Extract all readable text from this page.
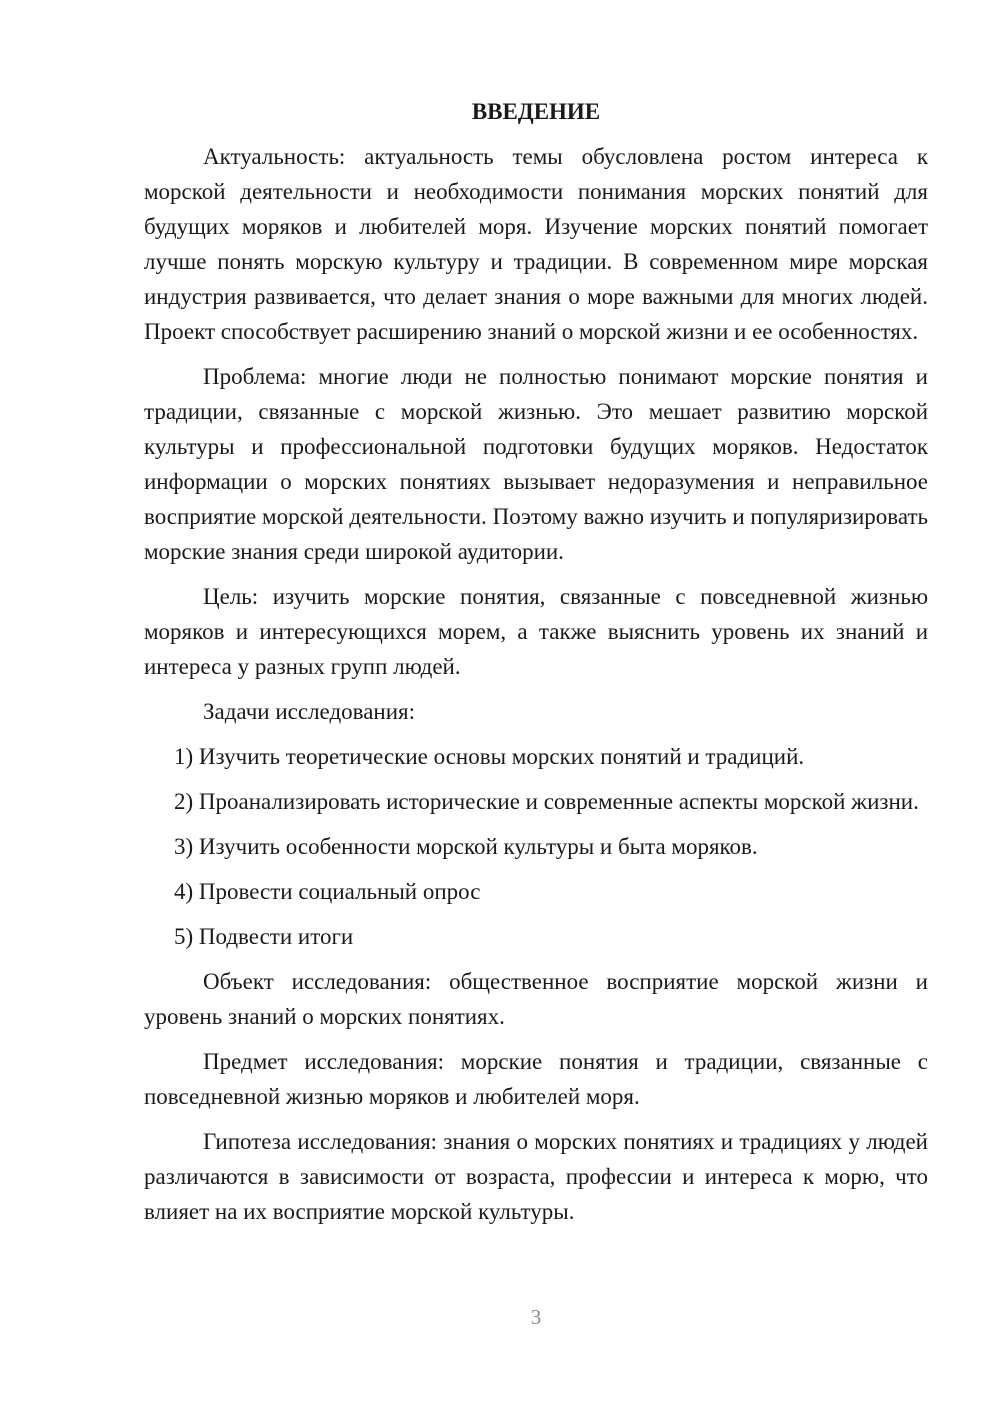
ВВЕДЕНИЕ

Актуальность: актуальность темы обусловлена ростом интереса к морской деятельности и необходимости понимания морских понятий для будущих моряков и любителей моря. Изучение морских понятий помогает лучше понять морскую культуру и традиции. В современном мире морская индустрия развивается, что делает знания о море важными для многих людей. Проект способствует расширению знаний о морской жизни и ее особенностях.

Проблема: многие люди не полностью понимают морские понятия и традиции, связанные с морской жизнью. Это мешает развитию морской культуры и профессиональной подготовки будущих моряков. Недостаток информации о морских понятиях вызывает недоразумения и неправильное восприятие морской деятельности. Поэтому важно изучить и популяризировать морские знания среди широкой аудитории.

Цель: изучить морские понятия, связанные с повседневной жизнью моряков и интересующихся морем, а также выяснить уровень их знаний и интереса у разных групп людей.

Задачи исследования:

1) Изучить теоретические основы морских понятий и традиций.

2) Проанализировать исторические и современные аспекты морской жизни.

3) Изучить особенности морской культуры и быта моряков.

4) Провести социальный опрос

5) Подвести итоги

Объект исследования: общественное восприятие морской жизни и уровень знаний о морских понятиях.

Предмет исследования: морские понятия и традиции, связанные с повседневной жизнью моряков и любителей моря.

Гипотеза исследования: знания о морских понятиях и традициях у людей различаются в зависимости от возраста, профессии и интереса к морю, что влияет на их восприятие морской культуры.

3
